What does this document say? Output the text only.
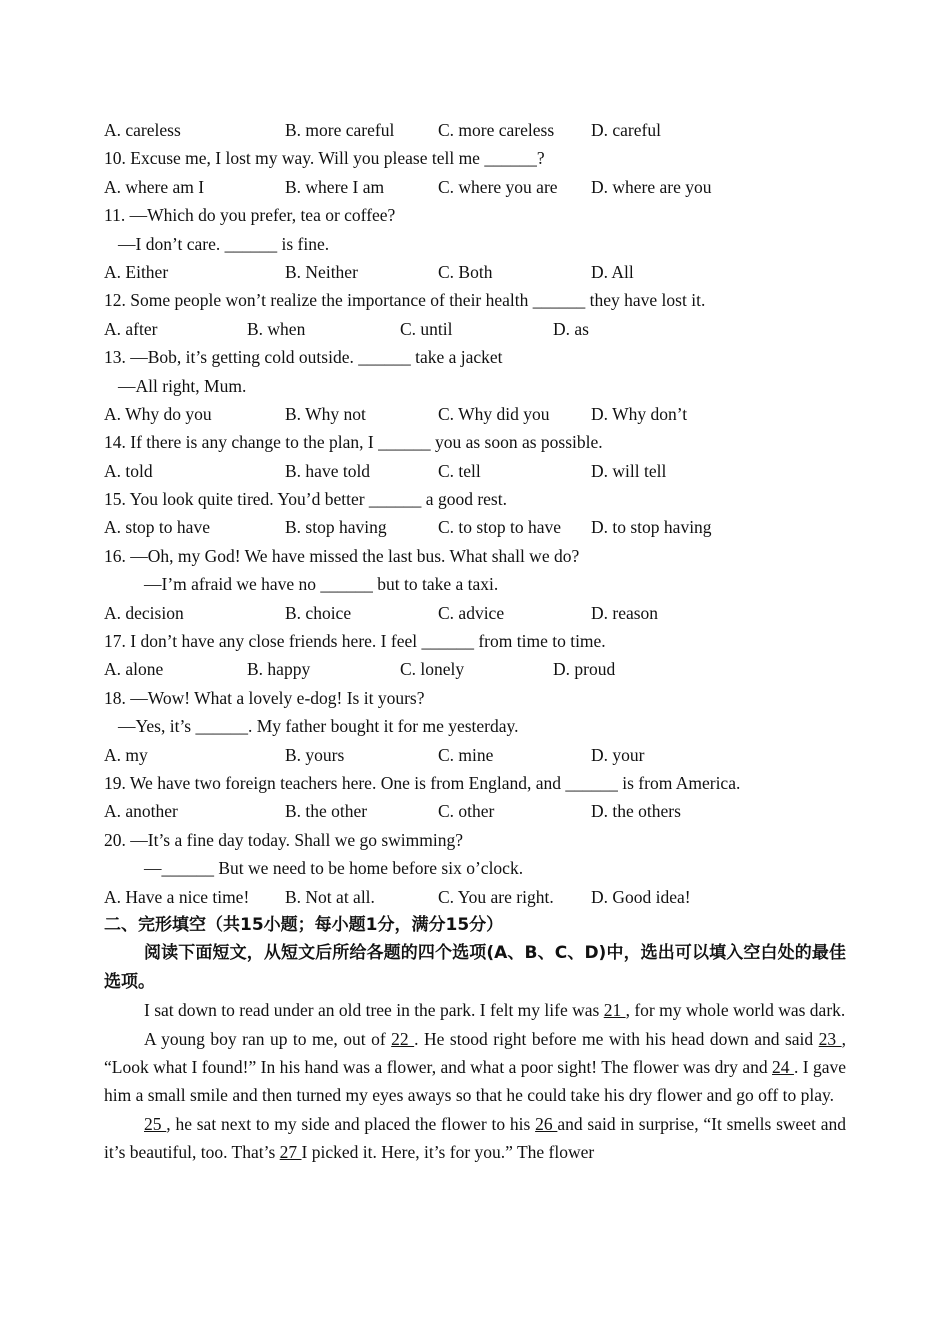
A. careless	B. more careful C. more careless D. careful
10. Excuse me, I lost my way. Will you please tell me ______?
A. where am I	B. where I am	C. where you are D. where are you
11. —Which do you prefer, tea or coffee?
—I don’t care. ______ is fine.
A. Either	B. Neither	C. Both	D. All
12. Some people won’t realize the importance of their health ______ they have lost it.
A. after	B. when	C. until	D. as
13. —Bob, it’s getting cold outside. ______ take a jacket
—All right, Mum.
A. Why do you	B. Why not	C. Why did you D. Why don’t
14. If there is any change to the plan, I ______ you as soon as possible.
A. told	B. have told	C. tell	D. will tell
15. You look quite tired. You’d better ______ a good rest.
A. stop to have	B. stop having	C. to stop to have D. to stop having
16. —Oh, my God! We have missed the last bus. What shall we do?
—I’m afraid we have no ______ but to take a taxi.
A. decision	B. choice	C. advice	D. reason
17. I don’t have any close friends here. I feel ______ from time to time.
A. alone	B. happy	C. lonely	D. proud
18. —Wow! What a lovely e-dog! Is it yours?
—Yes, it’s ______. My father bought it for me yesterday.
A. my	B. yours	C. mine	D. your
19. We have two foreign teachers here. One is from England, and ______ is from America.
A. another	B. the other	C. other	D. the others
20. —It’s a fine day today. Shall we go swimming?
—______ But we need to be home before six o’clock.
A. Have a nice time! B. Not at all.	C. You are right. D. Good idea!
二、完形填空（共15小题；每小题1分，满分15分）
阅读下面短文，从短文后所给各题的四个选项(A、B、C、D)中，选出可以填入空白处的最佳选项。
I sat down to read under an old tree in the park. I felt my life was 21 , for my whole world was dark.
A young boy ran up to me, out of 22 . He stood right before me with his head down and said 23 , “Look what I found!” In his hand was a flower, and what a poor sight! The flower was dry and 24 . I gave him a small smile and then turned my eyes aways so that he could take his dry flower and go off to play.
25 , he sat next to my side and placed the flower to his 26 and said in surprise, “It smells sweet and it’s beautiful, too. That’s 27 I picked it. Here, it’s for you.” The flower
